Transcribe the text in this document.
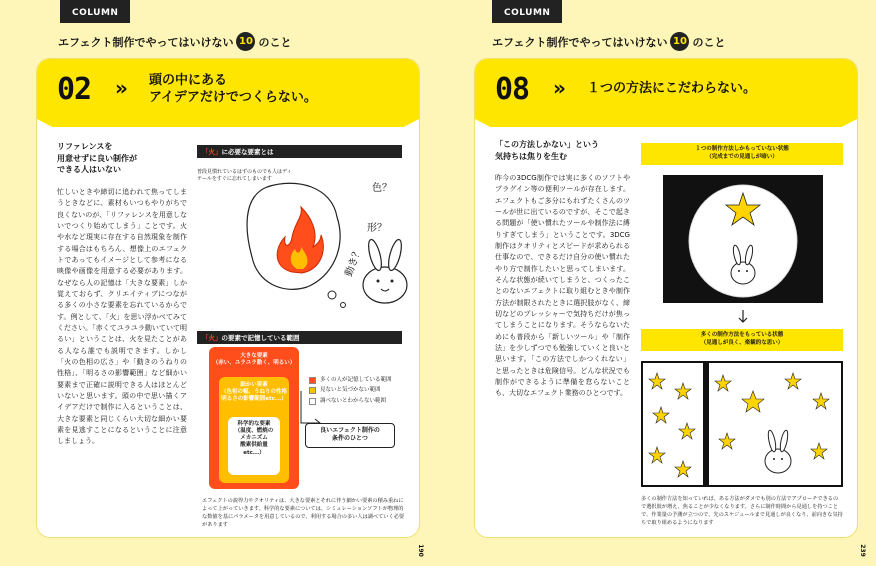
COLUMN
エフェクト制作でやってはいけない 10 のこと
02 » 頭の中にある
アイデアだけでつくらない。
リファレンスを
用意せずに良い制作が
できる人はいない
忙しいときや締切に追われて焦ってしまうときなどに、素材もいつもやりがちで良くないのが、「リファレンスを用意しないでつくり始めてしまう」ことです。火や水など現実に存在する自然現象を制作する場合はもちろん、想像上のエフェクトであってもイメージとして参考になる映像や画像を用意する必要があります。なぜなら人の記憶は「大きな要素」しか覚えておらず、クリエイティブにつながる多くの小さな要素を忘れているからです。例として、「火」を思い浮かべてみてください。「赤くてユラユラ動いていて明るい」ということは、火を見たことがある人なら誰でも説明できます。しかし「火の色相の広さ」や「動きのうねりの性格」、「明るさの影響範囲」など細かい要素まで正確に説明できる人はほとんどいないと思います。頭の中で思い描くアイデアだけで制作に入るということは、大きな要素と同じくらい大切な細かい要素を見逃すことになるということに注意しましょう。
「火」に必要な要素とは
普段見慣れているはずのものでも人はディテールをすぐに忘れてしまいます
色？
形？
動き？
「火」の要素で記憶している範囲
大きな要素
（赤い、ユラユラ動く、明るい）
細かい要素
（色相の幅、うねりの性格
明るさの影響範囲etc...）
科学的な要素
（温度、燃焼の
メカニズム
酸素供給量
etc...）
多くの人が記憶している範囲
見ないと気づかない範囲
調べないとわからない範囲
良いエフェクト制作の
条件のひとつ
エフェクトの説得力やクオリティは、大きな要素とそれに伴う細かい要素の積み重ねによって上がっていきます。科学的な要素については、シミュレーションソフトが物理的な数値を基にパラメータを用意しているので、利用する場合の多い人は調べていく必要があります
190
COLUMN
エフェクト制作でやってはいけない 10 のこと
08 » １つの方法にこだわらない。
「この方法しかない」という
気持ちは焦りを生む
昨今の3DCG制作では実に多くのソフトやプラグイン等の便利ツールが存在します。エフェクトもご多分にもれずたくさんのツールが世に出ているのですが、そこで起きる問題が「使い慣れたツールや制作法に縛りすぎてしまう」ということです。3DCG制作はクオリティとスピードが求められる仕事なので、できるだけ自分の使い慣れたやり方で制作したいと思ってしまいます。そんな状態が続いてしまうと、つくったことのないエフェクトに取り組むときや制作方法が制限されたときに選択肢がなく、締切などのプレッシャーで気持ちだけが焦ってしまうことになります。そうならないためにも普段から「新しいツール」や「制作法」を少しずつでも勉強していくと良いと思います。「この方法でしかつくれない」と思ったときは危険信号。どんな状況でも制作ができるように準備を怠らないことも、大切なエフェクト業務のひとつです。
１つの制作方法しかもっていない状態
（完成までの見通しが暗い）
多くの制作方法をもっている状態
（見通しが良く、楽観的な思い）
多くの制作方法を知っていれば、ある方法がダメでも別の方法でアプローチできるので選択肢が増え、焦ることが少なくなります。さらに制作時間から見通しを持つことで、作業量の予測が立つので、先のスケジュールまで見通しが良くなり、前向きな気持ちで取り組めるようになります
239
